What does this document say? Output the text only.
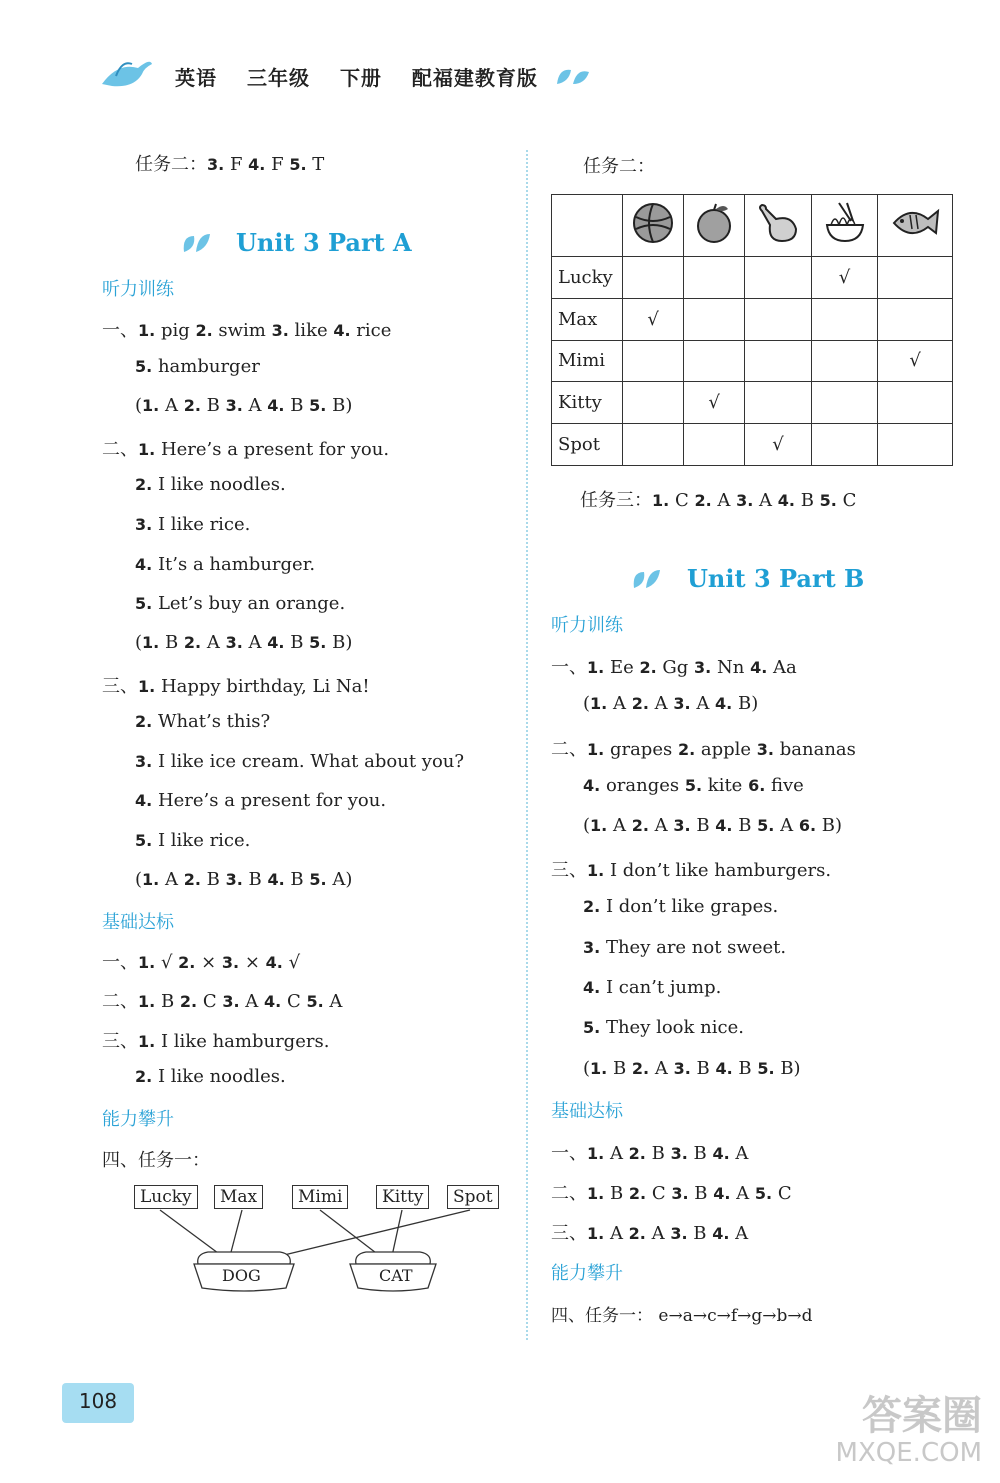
英语 三年级 下册 配福建教育版
任务二：3. F 4. F 5. T
Unit 3 Part A
听力训练
一、1. pig 2. swim 3. like 4. rice
5. hamburger
(1. A 2. B 3. A 4. B 5. B)
二、1. Here’s a present for you.
2. I like noodles.
3. I like rice.
4. It’s a hamburger.
5. Let’s buy an orange.
(1. B 2. A 3. A 4. B 5. B)
三、1. Happy birthday, Li Na!
2. What’s this?
3. I like ice cream. What about you?
4. Here’s a present for you.
5. I like rice.
(1. A 2. B 3. B 4. B 5. A)
基础达标
一、1. √ 2. × 3. × 4. √
二、1. B 2. C 3. A 4. C 5. A
三、1. I like hamburgers.
2. I like noodles.
能力攀升
四、任务一：
Lucky	Max	Mimi	Kitty	Spot
DOG	CAT
任务二：

Lucky				√	
Max	√				
Mimi					√
Kitty		√			
Spot			√		
任务三：1. C 2. A 3. A 4. B 5. C
Unit 3 Part B
听力训练
一、1. Ee 2. Gg 3. Nn 4. Aa
(1. A 2. A 3. A 4. B)
二、1. grapes 2. apple 3. bananas
4. oranges 5. kite 6. five
(1. A 2. A 3. B 4. B 5. A 6. B)
三、1. I don’t like hamburgers.
2. I don’t like grapes.
3. They are not sweet.
4. I can’t jump.
5. They look nice.
(1. B 2. A 3. B 4. B 5. B)
基础达标
一、1. A 2. B 3. B 4. A
二、1. B 2. C 3. B 4. A 5. C
三、1. A 2. A 3. B 4. A
能力攀升
四、任务一： e→a→c→f→g→b→d
108	答案圈
MXQE.COM
